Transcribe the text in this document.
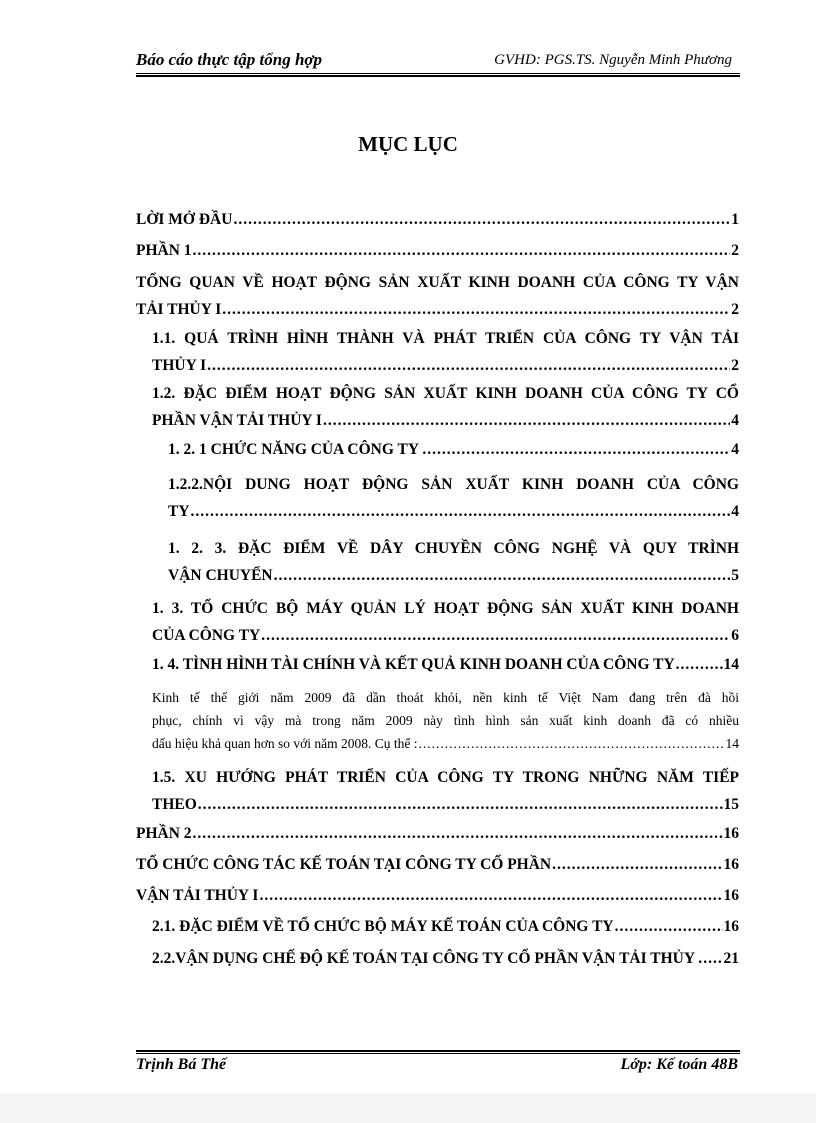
Báo cáo thực tập tổng hợp	GVHD: PGS.TS. Nguyễn Minh Phương
MỤC LỤC
LỜI MỞ ĐẦU .....	1
PHẦN 1 .....	2
TỔNG QUAN VỀ HOẠT ĐỘNG SẢN XUẤT KINH DOANH CỦA CÔNG TY VẬN
TẢI THỦY I .....	2
1.1. QUÁ TRÌNH HÌNH THÀNH VÀ PHÁT TRIỂN CỦA CÔNG TY VẬN TẢI
THỦY I .....	2
1.2. ĐẶC ĐIỂM HOẠT ĐỘNG SẢN XUẤT KINH DOANH CỦA CÔNG TY CỔ
PHẦN VẬN TẢI THỦY I .....	4
1. 2. 1 CHỨC NĂNG CỦA CÔNG TY . .....	4
1.2.2.NỘI DUNG HOẠT ĐỘNG SẢN XUẤT KINH DOANH CỦA CÔNG
TY .....	4
1. 2. 3. ĐẶC ĐIỂM VỀ DÂY CHUYỀN CÔNG NGHỆ VÀ QUY TRÌNH
VẬN CHUYỂN .....	5
1. 3. TỔ CHỨC BỘ MÁY QUẢN LÝ HOẠT ĐỘNG SẢN XUẤT KINH DOANH
CỦA CÔNG TY .....	6
1. 4. TÌNH HÌNH TÀI CHÍNH VÀ KẾT QUẢ KINH DOANH CỦA CÔNG TY .....	14
Kinh tế thế giới năm 2009 đã dần thoát khỏi, nền kinh tế Việt Nam đang trên đà hồi
phục, chính vì vậy mà trong năm 2009 này tình hình sản xuất kinh doanh đã có nhiều
dấu hiệu khả quan hơn so với năm 2008. Cụ thể : .....	14
1.5. XU HƯỚNG PHÁT TRIỂN CỦA CÔNG TY TRONG NHỮNG NĂM TIẾP
THEO .....	15
PHẦN 2 .....	16
TỔ CHỨC CÔNG TÁC KẾ TOÁN TẠI CÔNG TY CỔ PHẦN .....	16
VẬN TẢI THỦY I .....	16
2.1. ĐẶC ĐIỂM VỀ TỔ CHỨC BỘ MÁY KẾ TOÁN CỦA CÔNG TY .....	16
2.2.VẬN DỤNG CHẾ ĐỘ KẾ TOÁN TẠI CÔNG TY CỔ PHẦN VẬN TẢI THỦY . ..... 21
Trịnh Bá Thế	Lớp: Kế toán 48B
